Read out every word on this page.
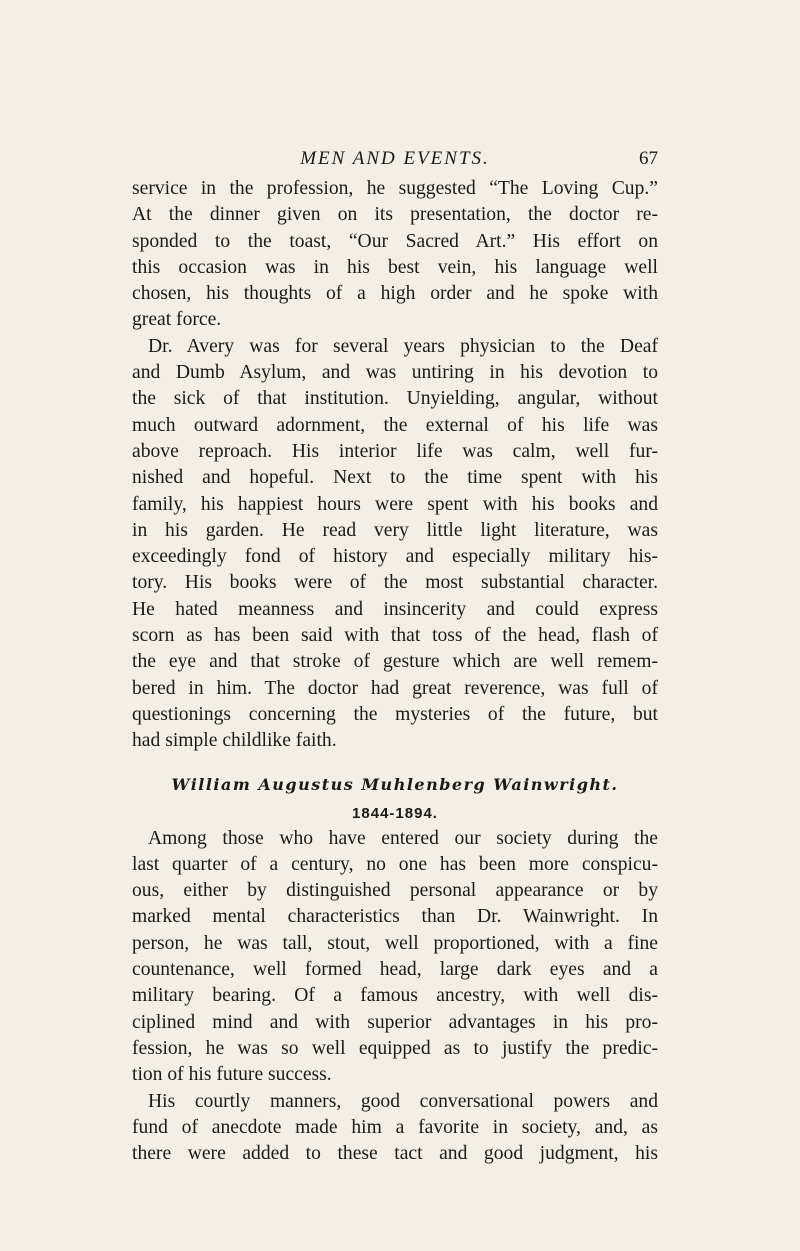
MEN AND EVENTS.	67
service in the profession, he suggested “The Loving Cup.”
At the dinner given on its presentation, the doctor re-
sponded to the toast, “Our Sacred Art.” His effort on
this occasion was in his best vein, his language well
chosen, his thoughts of a high order and he spoke with
great force.
Dr. Avery was for several years physician to the Deaf
and Dumb Asylum, and was untiring in his devotion to
the sick of that institution. Unyielding, angular, without
much outward adornment, the external of his life was
above reproach. His interior life was calm, well fur-
nished and hopeful. Next to the time spent with his
family, his happiest hours were spent with his books and
in his garden. He read very little light literature, was
exceedingly fond of history and especially military his-
tory. His books were of the most substantial character.
He hated meanness and insincerity and could express
scorn as has been said with that toss of the head, flash of
the eye and that stroke of gesture which are well remem-
bered in him. The doctor had great reverence, was full of
questionings concerning the mysteries of the future, but
had simple childlike faith.
William Augustus Muhlenberg Wainwright.
1844-1894.
Among those who have entered our society during the
last quarter of a century, no one has been more conspicu-
ous, either by distinguished personal appearance or by
marked mental characteristics than Dr. Wainwright. In
person, he was tall, stout, well proportioned, with a fine
countenance, well formed head, large dark eyes and a
military bearing. Of a famous ancestry, with well dis-
ciplined mind and with superior advantages in his pro-
fession, he was so well equipped as to justify the predic-
tion of his future success.
His courtly manners, good conversational powers and
fund of anecdote made him a favorite in society, and, as
there were added to these tact and good judgment, his
